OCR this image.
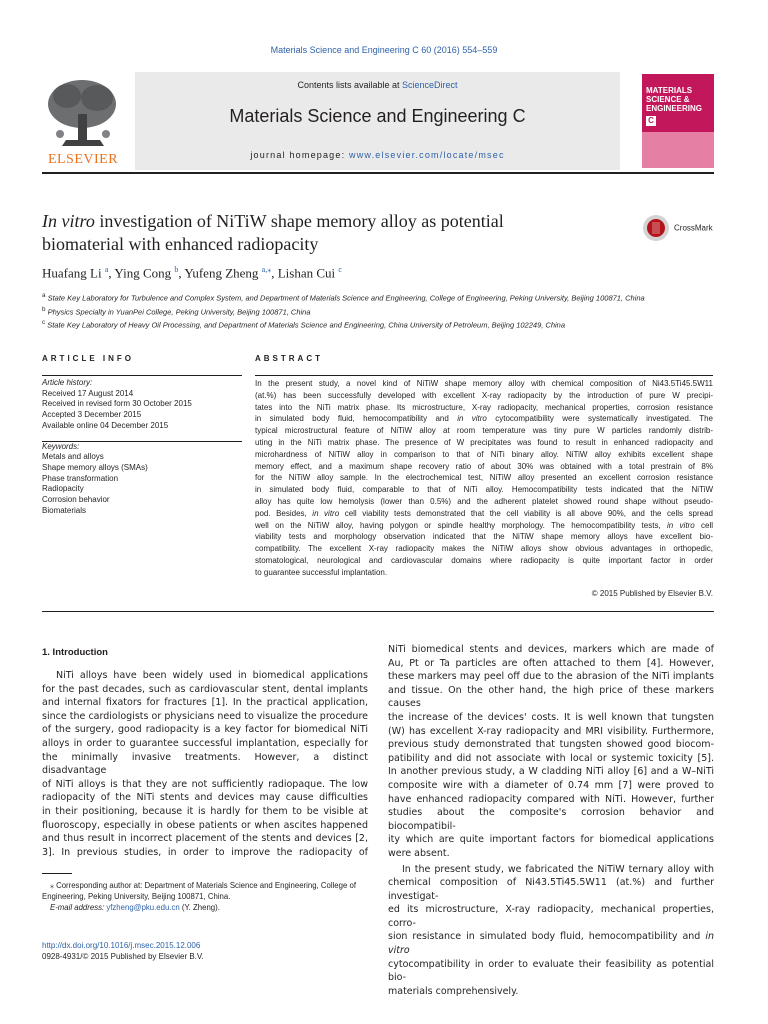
Materials Science and Engineering C 60 (2016) 554–559
ELSEVIER
Contents lists available at ScienceDirect
Materials Science and Engineering C
journal homepage: www.elsevier.com/locate/msec
MATERIALS
SCIENCE &
ENGINEERING
C
In vitro investigation of NiTiW shape memory alloy as potential
biomaterial with enhanced radiopacity
CrossMark
Huafang Li $^a$, Ying Cong $^b$, Yufeng Zheng $^{a,⁎}$, Lishan Cui $^c$
$^a$ State Key Laboratory for Turbulence and Complex System, and Department of Materials Science and Engineering, College of Engineering, Peking University, Beijing 100871, China
$^b$ Physics Specialty in YuanPei College, Peking University, Beijing 100871, China
$^c$ State Key Laboratory of Heavy Oil Processing, and Department of Materials Science and Engineering, China University of Petroleum, Beijing 102249, China
ARTICLE INFO
Article history:
Received 17 August 2014
Received in revised form 30 October 2015
Accepted 3 December 2015
Available online 04 December 2015
Keywords:
Metals and alloys
Shape memory alloys (SMAs)
Phase transformation
Radiopacity
Corrosion behavior
Biomaterials
ABSTRACT
In the present study, a novel kind of NiTiW shape memory alloy with chemical composition of Ni43.5Ti45.5W11
(at.%) has been successfully developed with excellent X-ray radiopacity by the introduction of pure W precipi-
tates into the NiTi matrix phase. Its microstructure, X-ray radiopacity, mechanical properties, corrosion resistance
in simulated body fluid, hemocompatibility and in vitro cytocompatibility were systematically investigated. The
typical microstructural feature of NiTiW alloy at room temperature was tiny pure W particles randomly distrib-
uting in the NiTi matrix phase. The presence of W precipitates was found to result in enhanced radiopacity and
microhardness of NiTiW alloy in comparison to that of NiTi binary alloy. NiTiW alloy exhibits excellent shape
memory effect, and a maximum shape recovery ratio of about 30% was obtained with a total prestrain of 8%
for the NiTiW alloy sample. In the electrochemical test, NiTiW alloy presented an excellent corrosion resistance
in simulated body fluid, comparable to that of NiTi alloy. Hemocompatibility tests indicated that the NiTiW
alloy has quite low hemolysis (lower than 0.5%) and the adherent platelet showed round shape without pseudo-
pod. Besides, in vitro cell viability tests demonstrated that the cell viability is all above 90%, and the cells spread
well on the NiTiW alloy, having polygon or spindle healthy morphology. The hemocompatibility tests, in vitro cell
viability tests and morphology observation indicated that the NiTiW shape memory alloys have excellent bio-
compatibility. The excellent X-ray radiopacity makes the NiTiW alloys show obvious advantages in orthopedic,
stomatological, neurological and cardiovascular domains where radiopacity is quite important factor in order
to guarantee successful implantation.
© 2015 Published by Elsevier B.V.
1. Introduction
NiTi alloys have been widely used in biomedical applications
for the past decades, such as cardiovascular stent, dental implants
and internal fixators for fractures [1]. In the practical application,
since the cardiologists or physicians need to visualize the procedure
of the surgery, good radiopacity is a key factor for biomedical NiTi
alloys in order to guarantee successful implantation, especially for
the minimally invasive treatments. However, a distinct disadvantage
of NiTi alloys is that they are not sufficiently radiopaque. The low
radiopacity of the NiTi stents and devices may cause difficulties
in their positioning, because it is hardly for them to be visible at
fluoroscopy, especially in obese patients or when ascites happened
and thus result in incorrect placement of the stents and devices [2,
3]. In previous studies, in order to improve the radiopacity of
NiTi biomedical stents and devices, markers which are made of
Au, Pt or Ta particles are often attached to them [4]. However,
these markers may peel off due to the abrasion of the NiTi implants
and tissue. On the other hand, the high price of these markers causes
the increase of the devices' costs. It is well known that tungsten
(W) has excellent X-ray radiopacity and MRI visibility. Furthermore,
previous study demonstrated that tungsten showed good biocom-
patibility and did not associate with local or systemic toxicity [5].
In another previous study, a W cladding NiTi alloy [6] and a W–NiTi
composite wire with a diameter of 0.74 mm [7] were proved to
have enhanced radiopacity compared with NiTi. However, further
studies about the composite's corrosion behavior and biocompatibil-
ity which are quite important factors for biomedical applications
were absent.
In the present study, we fabricated the NiTiW ternary alloy with
chemical composition of Ni43.5Ti45.5W11 (at.%) and further investigat-
ed its microstructure, X-ray radiopacity, mechanical properties, corro-
sion resistance in simulated body fluid, hemocompatibility and in vitro
cytocompatibility in order to evaluate their feasibility as potential bio-
materials comprehensively.
⁎ Corresponding author at: Department of Materials Science and Engineering, College of Engineering, Peking University, Beijing 100871, China.
E-mail address: yfzheng@pku.edu.cn (Y. Zheng).
http://dx.doi.org/10.1016/j.msec.2015.12.006
0928-4931/© 2015 Published by Elsevier B.V.
